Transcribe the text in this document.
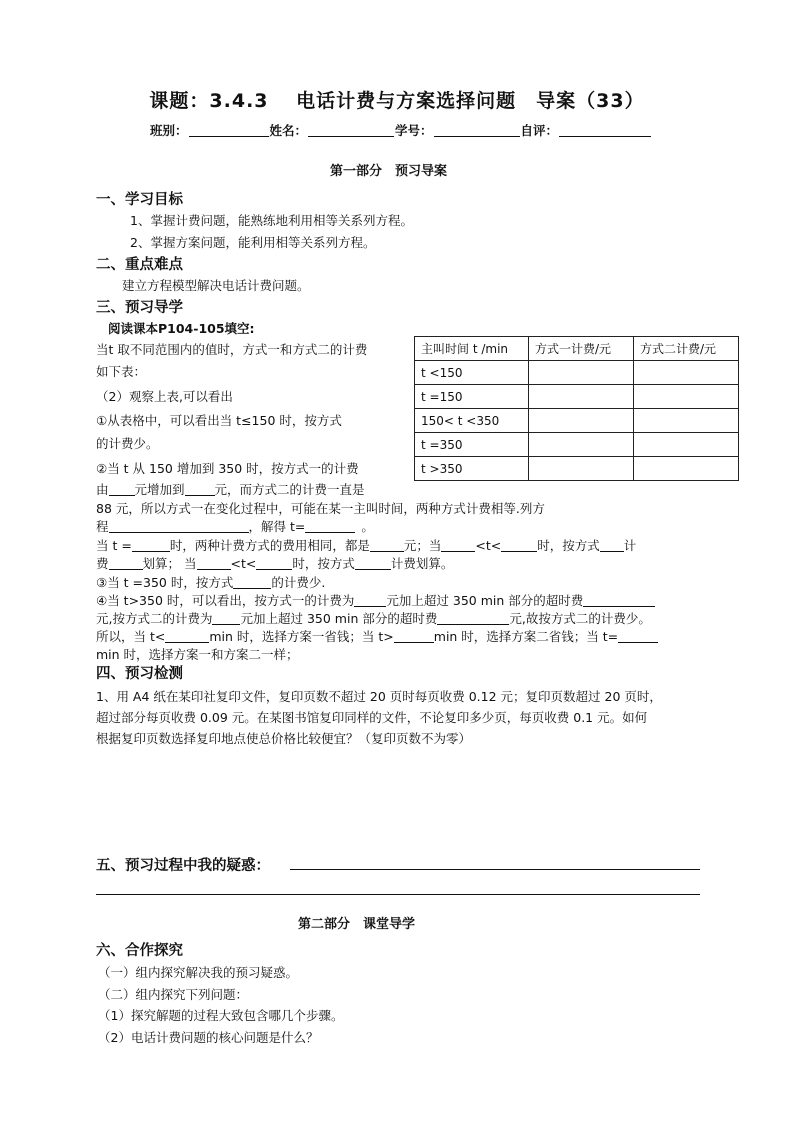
课题：3.4.3　 电话计费与方案选择问题　导案（33）
班别：	姓名：	学号：	自评：
第一部分　预习导案
一、学习目标
1、掌握计费问题，能熟练地利用相等关系列方程。
2、掌握方案问题，能利用相等关系列方程。
二、重点难点
建立方程模型解决电话计费问题。
三、预习导学
阅读课本P104-105填空:
当t 取不同范围内的值时，方式一和方式二的计费
如下表：
（2）观察上表,可以看出
①从表格中，可以看出当 t≤150 时，按方式
的计费少。
②当 t 从 150 增加到 350 时，按方式一的计费
由 元增加到 元，而方式二的计费一直是
88 元，所以方式一在变化过程中，可能在某一主叫时间，两种方式计费相等.列方
程	，解得 t=	。
当 t =	时，两种计费方式的费用相同，都是	元；当	<t<	时，按方式 计
费	划算； 当	<t<	时，按方式	计费划算。
③当 t =350 时，按方式	的计费少.
④当 t>350 时，可以看出，按方式一的计费为	元加上超过 350 min 部分的超时费
元,按方式二的计费为 元加上超过 350 min 部分的超时费	元,故按方式二的计费少。
所以，当 t<	min 时，选择方案一省钱；当 t>	min 时，选择方案二省钱；当 t=
min 时，选择方案一和方案二一样；
主叫时间 t /min	方式一计费/元	方式二计费/元
t <150		
t =150		
150< t <350		
t =350		
t >350		
四、预习检测
1、用 A4 纸在某印社复印文件，复印页数不超过 20 页时每页收费 0.12 元；复印页数超过 20 页时，
超过部分每页收费 0.09 元。在某图书馆复印同样的文件，不论复印多少页，每页收费 0.1 元。如何
根据复印页数选择复印地点使总价格比较便宜？（复印页数不为零）
五、预习过程中我的疑惑：
第二部分　课堂导学
六、合作探究
（一）组内探究解决我的预习疑惑。
（二）组内探究下列问题：
（1）探究解题的过程大致包含哪几个步骤。
（2）电话计费问题的核心问题是什么？
